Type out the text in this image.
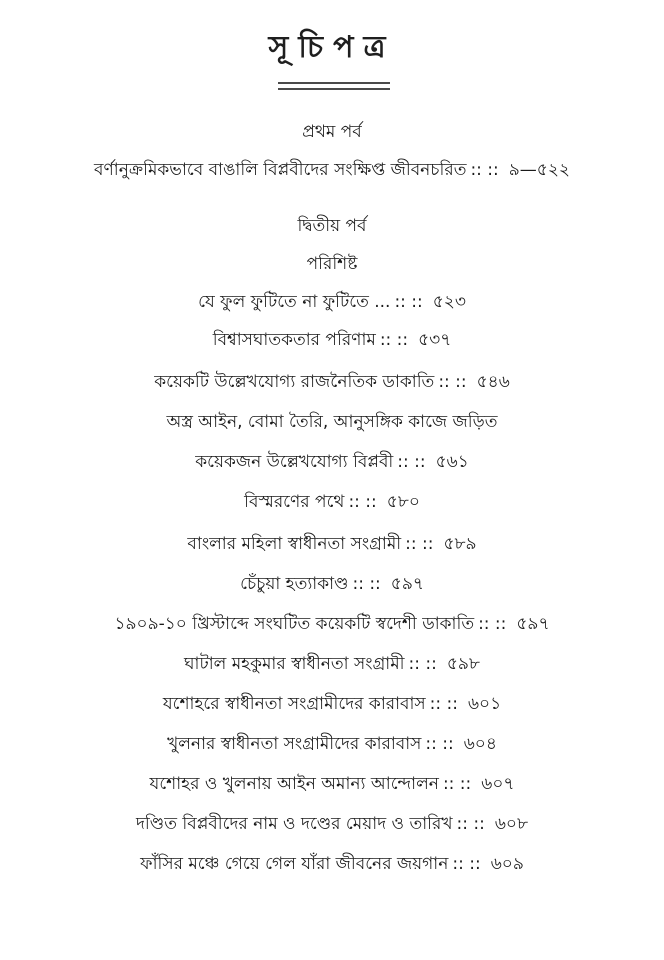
সূচিপত্র
প্রথম পর্ব
বর্ণানুক্রমিকভাবে বাঙালি বিপ্লবীদের সংক্ষিপ্ত জীবনচরিত :: :: ৯—৫২২
দ্বিতীয় পর্ব
পরিশিষ্ট
যে ফুল ফুটিতে না ফুটিতে ... :: :: ৫২৩
বিশ্বাসঘাতকতার পরিণাম :: :: ৫৩৭
কয়েকটি উল্লেখযোগ্য রাজনৈতিক ডাকাতি :: :: ৫৪৬
অস্ত্র আইন, বোমা তৈরি, আনুসঙ্গিক কাজে জড়িত
কয়েকজন উল্লেখযোগ্য বিপ্লবী :: :: ৫৬১
বিস্মরণের পথে :: :: ৫৮০
বাংলার মহিলা স্বাধীনতা সংগ্রামী :: :: ৫৮৯
চেঁচুয়া হত্যাকাণ্ড :: :: ৫৯৭
১৯০৯-১০ খ্রিস্টাব্দে সংঘটিত কয়েকটি স্বদেশী ডাকাতি :: :: ৫৯৭
ঘাটাল মহকুমার স্বাধীনতা সংগ্রামী :: :: ৫৯৮
যশোহরে স্বাধীনতা সংগ্রামীদের কারাবাস :: :: ৬০১
খুলনার স্বাধীনতা সংগ্রামীদের কারাবাস :: :: ৬০৪
যশোহর ও খুলনায় আইন অমান্য আন্দোলন :: :: ৬০৭
দণ্ডিত বিপ্লবীদের নাম ও দণ্ডের মেয়াদ ও তারিখ :: :: ৬০৮
ফাঁসির মঞ্চে গেয়ে গেল যাঁরা জীবনের জয়গান :: :: ৬০৯
